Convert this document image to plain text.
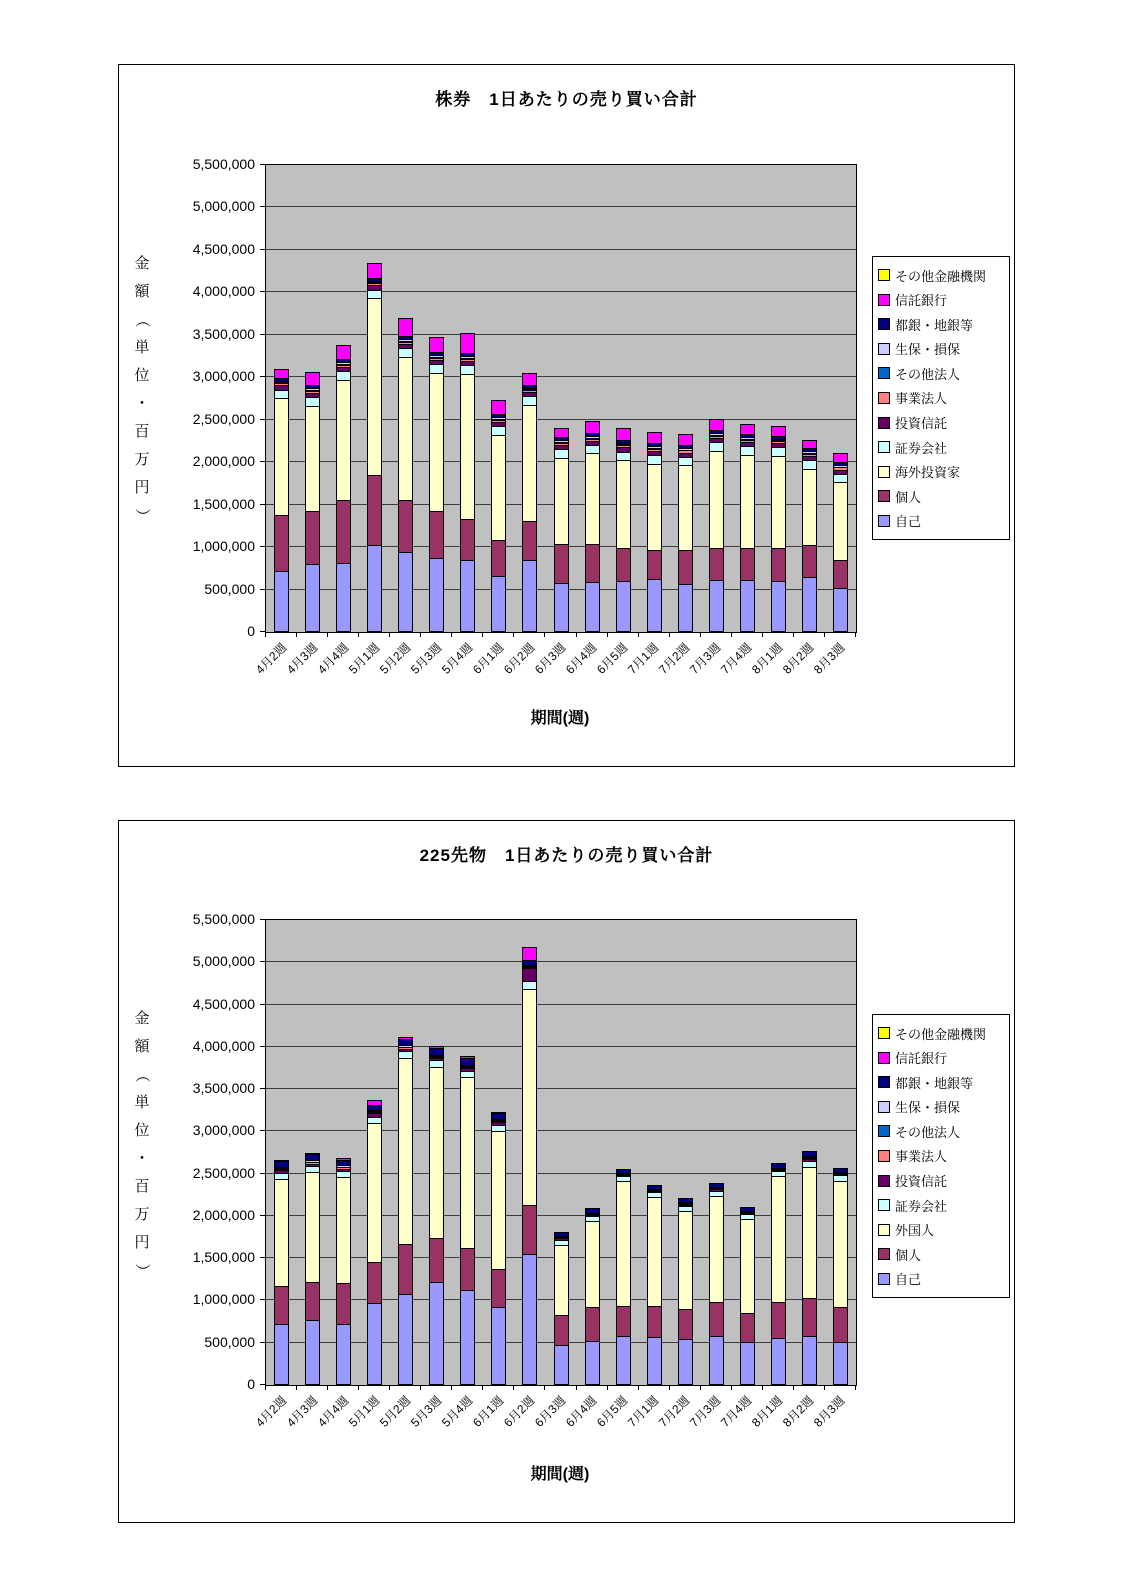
株券　1日あたりの売り買い合計
金
額
（
単
位
・
百
万
円
）
その他金融機関
信託銀行
都銀・地銀等
生保・損保
その他法人
事業法人
投資信託
証券会社
海外投資家
個人
自己
期間(週)
0
500,000
1,000,000
1,500,000
2,000,000
2,500,000
3,000,000
3,500,000
4,000,000
4,500,000
5,000,000
5,500,000
4月2週
4月3週
4月4週
5月1週
5月2週
5月3週
5月4週
6月1週
6月2週
6月3週
6月4週
6月5週
7月1週
7月2週
7月3週
7月4週
8月1週
8月2週
8月3週
225先物　1日あたりの売り買い合計
金
額
（
単
位
・
百
万
円
）
その他金融機関
信託銀行
都銀・地銀等
生保・損保
その他法人
事業法人
投資信託
証券会社
外国人
個人
自己
期間(週)
0
500,000
1,000,000
1,500,000
2,000,000
2,500,000
3,000,000
3,500,000
4,000,000
4,500,000
5,000,000
5,500,000
4月2週
4月3週
4月4週
5月1週
5月2週
5月3週
5月4週
6月1週
6月2週
6月3週
6月4週
6月5週
7月1週
7月2週
7月3週
7月4週
8月1週
8月2週
8月3週
